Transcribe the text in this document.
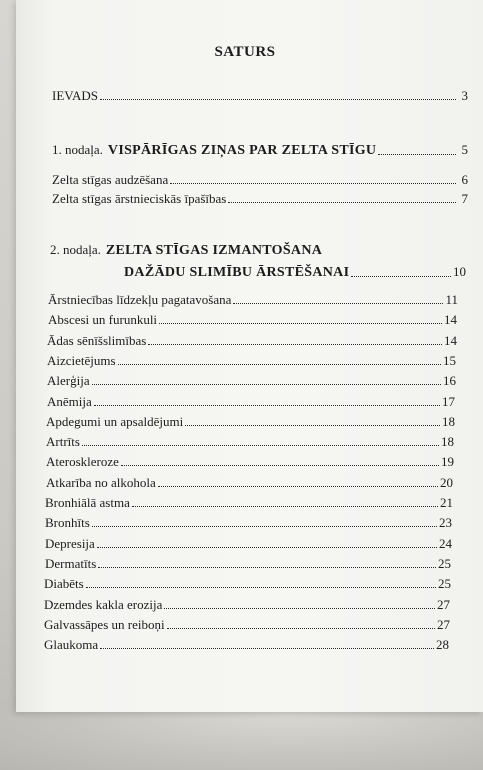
SATURS
IEVADS	3
1. nodaļa. VISPĀRĪGAS ZIŅAS PAR ZELTA STĪGU	5
Zelta stīgas audzēšana	6
Zelta stīgas ārstnieciskās īpašības	7
2. nodaļa. ZELTA STĪGAS IZMANTOŠANA
DAŽĀDU SLIMĪBU ĀRSTĒŠANAI	10
Ārstniecības līdzekļu pagatavošana	11
Abscesi un furunkuli	14
Ādas sēnīšslimības	14
Aizcietējums	15
Alerģija	16
Anēmija	17
Apdegumi un apsaldējumi	18
Artrīts	18
Ateroskleroze	19
Atkarība no alkohola	20
Bronhiālā astma	21
Bronhīts	23
Depresija	24
Dermatīts	25
Diabēts	25
Dzemdes kakla erozija	27
Galvassāpes un reiboņi	27
Glaukoma	28
